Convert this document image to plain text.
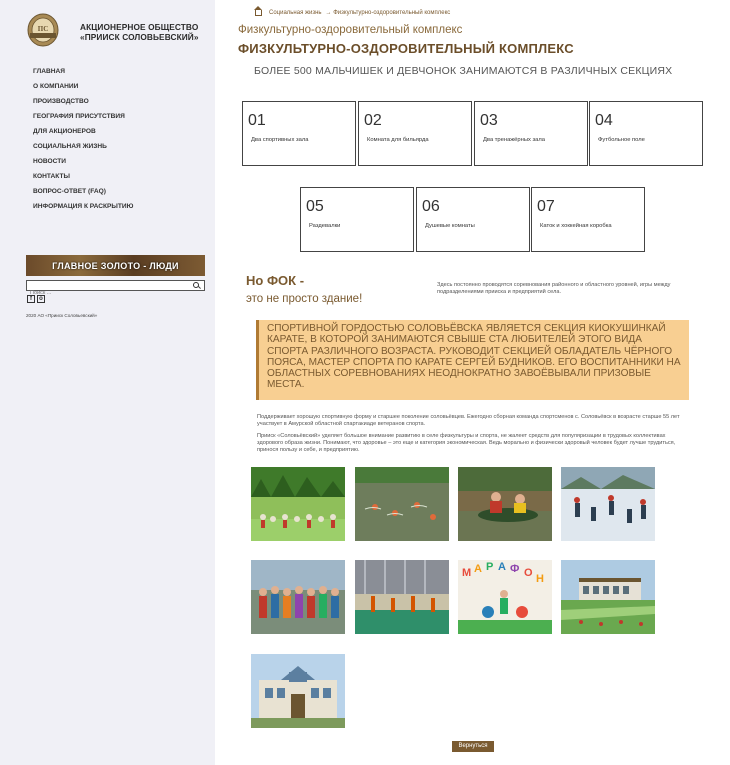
ПС	АКЦИОНЕРНОЕ ОБЩЕСТВО «ПРИИСК СОЛОВЬЕВСКИЙ»
ГЛАВНАЯ
О КОМПАНИИ
ПРОИЗВОДСТВО
ГЕОГРАФИЯ ПРИСУТСТВИЯ
ДЛЯ АКЦИОНЕРОВ
СОЦИАЛЬНАЯ ЖИЗНЬ
НОВОСТИ
КОНТАКТЫ
ВОПРОС-ОТВЕТ (FAQ)
ИНФОРМАЦИЯ К РАСКРЫТИЮ
ГЛАВНОЕ ЗОЛОТО - ЛЮДИ
Поиск ...
f	o
2020 АО «Прииск Соловьевский»
Социальная жизнь → Физкультурно-оздоровительный комплекс
Физкультурно-оздоровительный комплекс
ФИЗКУЛЬТУРНО-ОЗДОРОВИТЕЛЬНЫЙ КОМПЛЕКС
БОЛЕЕ 500 МАЛЬЧИШЕК И ДЕВЧОНОК ЗАНИМАЮТСЯ В РАЗЛИЧНЫХ СЕКЦИЯХ
01
Два спортивных зала
02
Комната для бильярда
03
Два тренажёрных зала
04
Футбольное поле
05
Раздевалки
06
Душевые комнаты
07
Каток и хоккейная коробка
Но ФОК -
это не просто здание!
Здесь постоянно проводятся соревнования районного и областного уровней, игры между подразделениями прииска и предприятий села.
СПОРТИВНОЙ ГОРДОСТЬЮ СОЛОВЬЁВСКА ЯВЛЯЕТСЯ СЕКЦИЯ КИОКУШИНКАЙ КАРАТЕ, В КОТОРОЙ ЗАНИМАЮТСЯ СВЫШЕ СТА ЛЮБИТЕЛЕЙ ЭТОГО ВИДА СПОРТА РАЗЛИЧНОГО ВОЗРАСТА. РУКОВОДИТ СЕКЦИЕЙ ОБЛАДАТЕЛЬ ЧЁРНОГО ПОЯСА, МАСТЕР СПОРТА ПО КАРАТЕ СЕРГЕЙ БУДНИКОВ. ЕГО ВОСПИТАННИКИ НА ОБЛАСТНЫХ СОРЕВНОВАНИЯХ НЕОДНОКРАТНО ЗАВОЁВЫВАЛИ ПРИЗОВЫЕ МЕСТА.

Поддерживает хорошую спортивную форму и старшее поколение соловьёвцев. Ежегодно сборная команда спортсменов с. Соловьёвск в возрасте старше 55 лет участвует в Амурской областной спартакиаде ветеранов спорта.

Прииск «Соловьёвский» уделяет большое внимание развитию в селе физкультуры и спорта, не жалеет средств для популяризации в трудовых коллективах здорового образа жизни. Понимают, что здоровье – это еще и категория экономическая. Ведь морально и физически здоровый человек будет лучше трудиться, принося пользу и себе, и предприятию.

М А Р А Ф О Н
Вернуться
